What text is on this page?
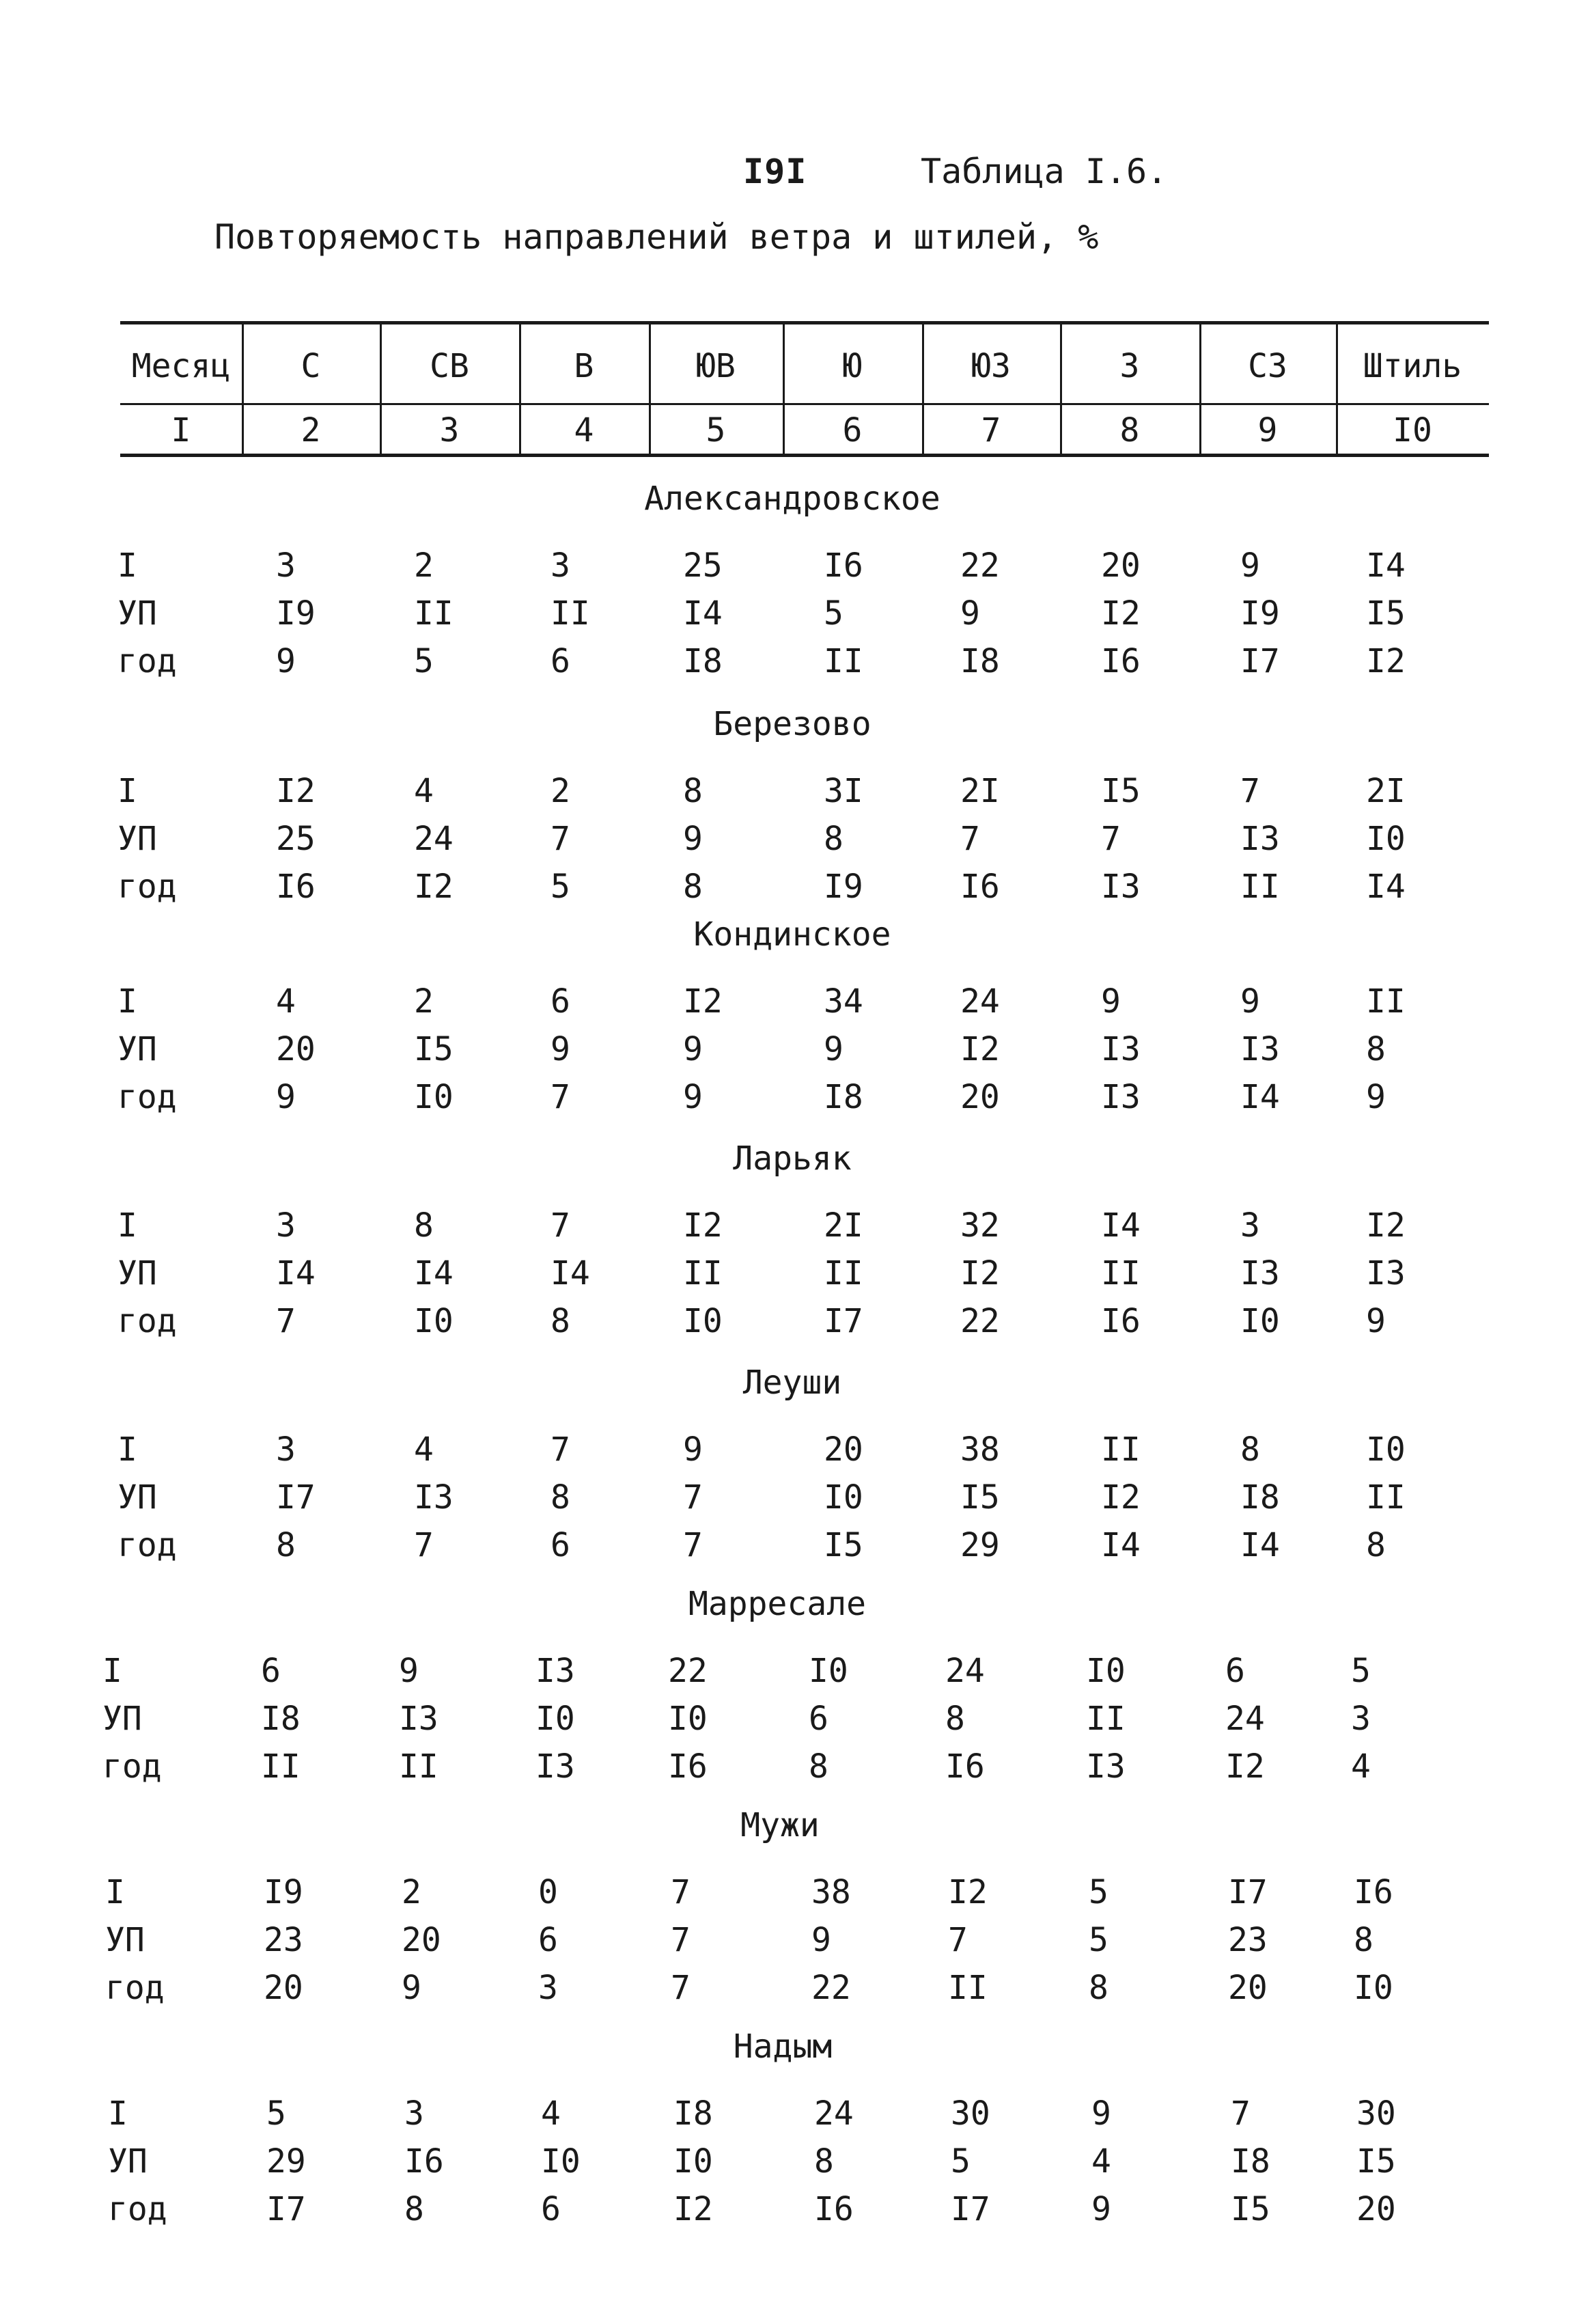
I9I	Таблица I.6.
Повторяемость направлений ветра и штилей, %
Месяц	С	СВ	В	ЮВ	Ю	ЮЗ	З	СЗ	Штиль
I	2	3	4	5	6	7	8	9	I0
Александровское
I	3	2	3	25	I6	22	20	9	I4
УП	I9	II	II	I4	5	9	I2	I9	I5
год	9	5	6	I8	II	I8	I6	I7	I2
Березово
I	I2	4	2	8	3I	2I	I5	7	2I
УП	25	24	7	9	8	7	7	I3	I0
год	I6	I2	5	8	I9	I6	I3	II	I4
Кондинское
I	4	2	6	I2	34	24	9	9	II
УП	20	I5	9	9	9	I2	I3	I3	8
год	9	I0	7	9	I8	20	I3	I4	9
Ларьяк
I	3	8	7	I2	2I	32	I4	3	I2
УП	I4	I4	I4	II	II	I2	II	I3	I3
год	7	I0	8	I0	I7	22	I6	I0	9
Леуши
I	3	4	7	9	20	38	II	8	I0
УП	I7	I3	8	7	I0	I5	I2	I8	II
год	8	7	6	7	I5	29	I4	I4	8
Марресале
I	6	9	I3	22	I0	24	I0	6	5
УП	I8	I3	I0	I0	6	8	II	24	3
год	II	II	I3	I6	8	I6	I3	I2	4
Мужи
I	I9	2	0	7	38	I2	5	I7	I6
УП	23	20	6	7	9	7	5	23	8
год	20	9	3	7	22	II	8	20	I0
Надым
I	5	3	4	I8	24	30	9	7	30
УП	29	I6	I0	I0	8	5	4	I8	I5
год	I7	8	6	I2	I6	I7	9	I5	20
